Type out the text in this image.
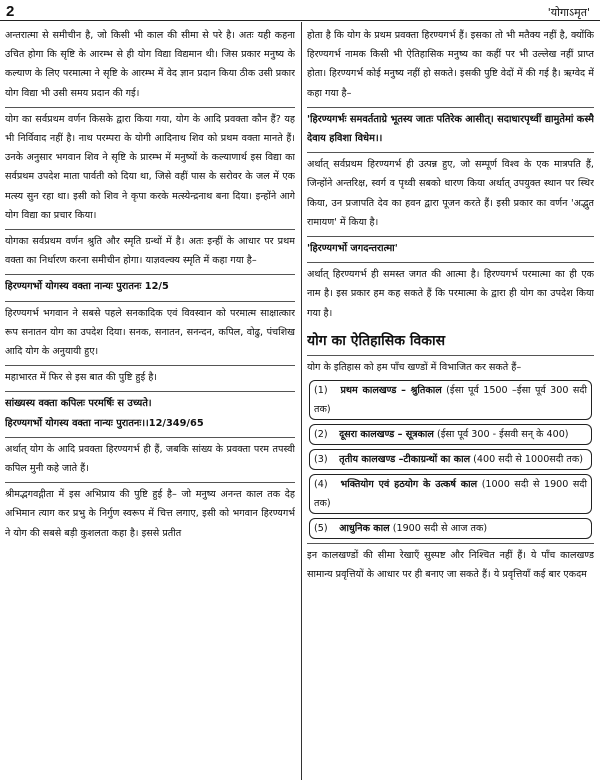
2	'योगाऽमृत'

अन्तरात्मा से समीचीन है, जो किसी भी काल की सीमा से परे है। अतः यही कहना उचित होगा कि सृष्टि के आरम्भ से ही योग विद्या विद्यमान थी। जिस प्रकार मनुष्य के कल्याण के लिए परमात्मा ने सृष्टि के आरम्भ में वेद ज्ञान प्रदान किया ठीक उसी प्रकार योग विद्या भी उसी समय प्रदान की गई।

योग का सर्वप्रथम वर्णन किसके द्वारा किया गया, योग के आदि प्रवक्ता कौन हैं? यह भी निर्विवाद नहीं है। नाथ परम्परा के योगी आदिनाथ शिव को प्रथम वक्ता मानते हैं। उनके अनुसार भगवान शिव ने सृष्टि के प्रारम्भ में मनुष्यों के कल्याणार्थ इस विद्या का सर्वप्रथम उपदेश माता पार्वती को दिया था, जिसे वहीं पास के सरोवर के जल में एक मत्स्य सुन रहा था। इसी को शिव ने कृपा करके मत्स्येन्द्रनाथ बना दिया। इन्होंने आगे योग विद्या का प्रचार किया।

योगका सर्वप्रथम वर्णन श्रुति और स्मृति ग्रन्थों में है। अतः इन्हीं के आधार पर प्रथम वक्ता का निर्धारण करना समीचीन होगा। याज्ञवल्क्य स्मृति में कहा गया है–

हिरण्यगर्भो योगस्य वक्ता नान्यः पुरातनः 12/5

हिरण्यगर्भ भगवान ने सबसे पहले सनकादिक एवं विवस्वान को परमात्म साक्षात्कार रूप सनातन योग का उपदेश दिया। सनक, सनातन, सनन्दन, कपिल, वोढु, पंचशिख आदि योग के अनुयायी हुए।

महाभारत में फिर से इस बात की पुष्टि हुई है।

सांख्यस्य वक्ता कपिलः परमर्षिः स उच्यते।

हिरण्यगर्भो योगस्य वक्ता नान्यः पुरातनः।।12/349/65

अर्थात् योग के आदि प्रवक्ता हिरण्यगर्भ ही हैं, जबकि सांख्य के प्रवक्ता परम तपस्वी कपिल मुनी कहे जाते हैं।

श्रीमद्भगवद्गीता में इस अभिप्राय की पुष्टि हुई है– जो मनुष्य अनन्त काल तक देह अभिमान त्याग कर प्रभु के निर्गुण स्वरूप में चित्त लगाए, इसी को भगवान हिरण्यगर्भ ने योग की सबसे बड़ी कुशलता कहा है। इससे प्रतीत

होता है कि योग के प्रथम प्रवक्ता हिरण्यगर्भ हैं। इसका तो भी मतैक्य नहीं है, क्योंकि हिरण्यगर्भ नामक किसी भी ऐतिहासिक मनुष्य का कहीं पर भी उल्लेख नहीं प्राप्त होता। हिरण्यगर्भ कोई मनुष्य नहीं हो सकते। इसकी पुष्टि वेदों में की गई है। ऋग्वेद में कहा गया है–

'हिरण्यगर्भः समवर्तताग्रे भूतस्य जातः पतिरेक आसीत्। सदाधारपृथ्वीं द्यामुतेमां कस्मै देवाय हविशा विधेम।।

अर्थात् सर्वप्रथम हिरण्यगर्भ ही उत्पन्न हुए, जो सम्पूर्ण विश्व के एक मात्रपति हैं, जिन्होंने अन्तरिक्ष, स्वर्ग व पृथ्वी सबको धारण किया अर्थात् उपयुक्त स्थान पर स्थिर किया, उन प्रजापति देव का हवन द्वारा पूजन करते हैं। इसी प्रकार का वर्णन 'अद्भुत रामायण' में किया है।

'हिरण्यगर्भो जगदन्तरात्मा'

अर्थात् हिरण्यगर्भ ही समस्त जगत की आत्मा है। हिरण्यगर्भ परमात्मा का ही एक नाम है। इस प्रकार हम कह सकते हैं कि परमात्मा के द्वारा ही योग का उपदेश किया गया है।

योग का ऐतिहासिक विकास

योग के इतिहास को हम पाँच खण्डों में विभाजित कर सकते हैं–

(1) प्रथम कालखण्ड – श्रुतिकाल (ईसा पूर्व 1500 –ईसा पूर्व 300 सदी तक)
(2) दूसरा कालखण्ड – सूत्रकाल (ईसा पूर्व 300 - ईसवी सन् के 400)
(3) तृतीय कालखण्ड –टीकाग्रन्थों का काल (400 सदी से 1000सदी तक)
(4) भक्तियोग एवं हठयोग के उत्कर्ष काल (1000 सदी से 1900 सदी तक)
(5) आधुनिक काल (1900 सदी से आज तक)

इन कालखण्डों की सीमा रेखाएँ सुस्पष्ट और निश्चित नहीं हैं। ये पाँच कालखण्ड सामान्य प्रवृत्तियों के आधार पर ही बनाए जा सकते हैं। ये प्रवृत्तियाँ कई बार एकदम
